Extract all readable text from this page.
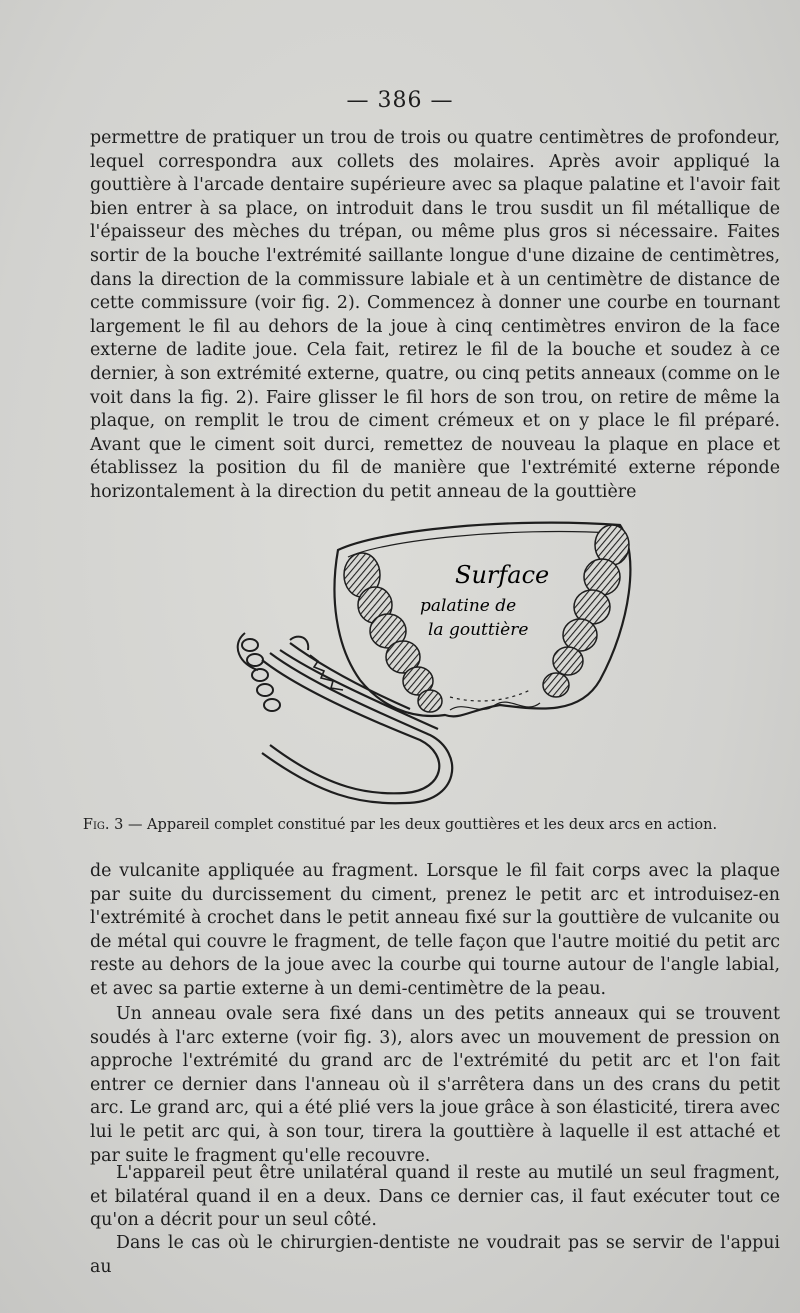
— 386 —

permettre de pratiquer un trou de trois ou quatre centimètres de profondeur, lequel correspondra aux collets des molaires. Après avoir appliqué la gouttière à l'arcade dentaire supérieure avec sa plaque palatine et l'avoir fait bien entrer à sa place, on introduit dans le trou susdit un fil métallique de l'épaisseur des mèches du trépan, ou même plus gros si nécessaire. Faites sortir de la bouche l'extrémité saillante longue d'une dizaine de centimètres, dans la direction de la commissure labiale et à un centimètre de distance de cette commissure (voir fig. 2). Commencez à donner une courbe en tournant largement le fil au dehors de la joue à cinq centimètres environ de la face externe de ladite joue. Cela fait, retirez le fil de la bouche et soudez à ce dernier, à son extrémité externe, quatre, ou cinq petits anneaux (comme on le voit dans la fig. 2). Faire glisser le fil hors de son trou, on retire de même la plaque, on remplit le trou de ciment crémeux et on y place le fil préparé. Avant que le ciment soit durci, remettez de nouveau la plaque en place et établissez la position du fil de manière que l'extrémité externe réponde horizontalement à la direction du petit anneau de la gouttière

Surface
palatine de
la gouttière
Fig. 3 — Appareil complet constitué par les deux gouttières et les deux arcs en action.

de vulcanite appliquée au fragment. Lorsque le fil fait corps avec la plaque par suite du durcissement du ciment, prenez le petit arc et introduisez-en l'extrémité à crochet dans le petit anneau fixé sur la gouttière de vulcanite ou de métal qui couvre le fragment, de telle façon que l'autre moitié du petit arc reste au dehors de la joue avec la courbe qui tourne autour de l'angle labial, et avec sa partie externe à un demi-centimètre de la peau.

Un anneau ovale sera fixé dans un des petits anneaux qui se trouvent soudés à l'arc externe (voir fig. 3), alors avec un mouvement de pression on approche l'extrémité du grand arc de l'extrémité du petit arc et l'on fait entrer ce dernier dans l'anneau où il s'arrêtera dans un des crans du petit arc. Le grand arc, qui a été plié vers la joue grâce à son élasticité, tirera avec lui le petit arc qui, à son tour, tirera la gouttière à laquelle il est attaché et par suite le fragment qu'elle recouvre.

L'appareil peut être unilatéral quand il reste au mutilé un seul fragment, et bilatéral quand il en a deux. Dans ce dernier cas, il faut exécuter tout ce qu'on a décrit pour un seul côté.

Dans le cas où le chirurgien-dentiste ne voudrait pas se servir de l'appui au
